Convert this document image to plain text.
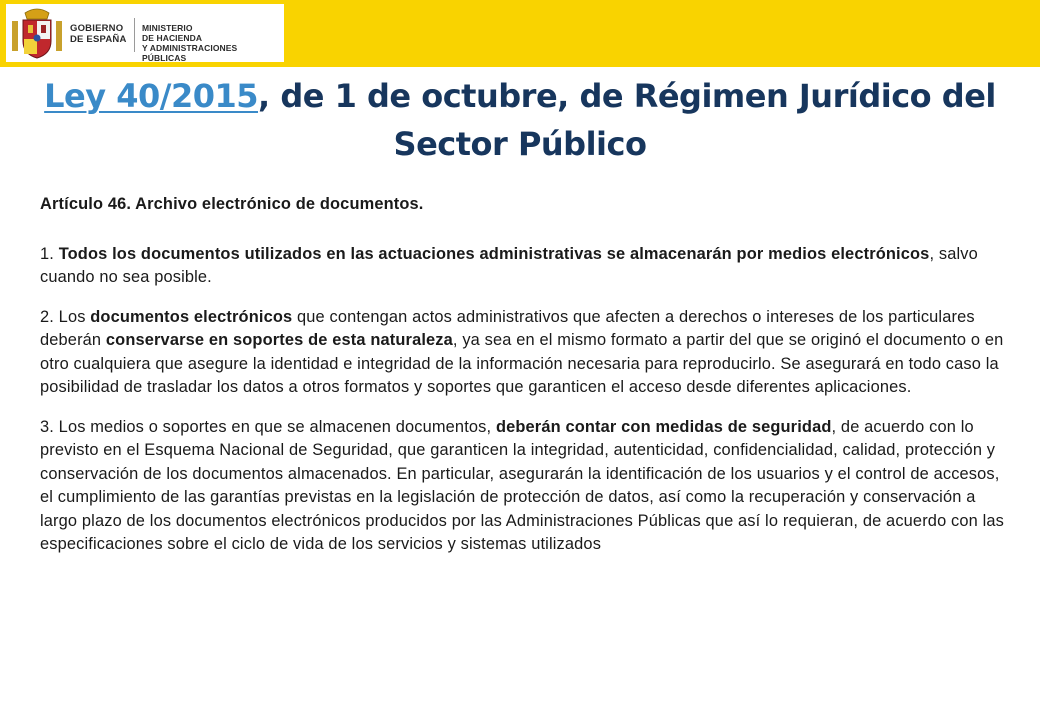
GOBIERNO
DE ESPAÑA
MINISTERIO
DE HACIENDA
Y ADMINISTRACIONES PÚBLICAS
Ley 40/2015, de 1 de octubre, de Régimen Jurídico del Sector Público

Artículo 46. Archivo electrónico de documentos.

1. Todos los documentos utilizados en las actuaciones administrativas se almacenarán por medios electrónicos, salvo cuando no sea posible.

2. Los documentos electrónicos que contengan actos administrativos que afecten a derechos o intereses de los particulares deberán conservarse en soportes de esta naturaleza, ya sea en el mismo formato a partir del que se originó el documento o en otro cualquiera que asegure la identidad e integridad de la información necesaria para reproducirlo. Se asegurará en todo caso la posibilidad de trasladar los datos a otros formatos y soportes que garanticen el acceso desde diferentes aplicaciones.

3. Los medios o soportes en que se almacenen documentos, deberán contar con medidas de seguridad, de acuerdo con lo previsto en el Esquema Nacional de Seguridad, que garanticen la integridad, autenticidad, confidencialidad, calidad, protección y conservación de los documentos almacenados. En particular, asegurarán la identificación de los usuarios y el control de accesos, el cumplimiento de las garantías previstas en la legislación de protección de datos, así como la recuperación y conservación a largo plazo de los documentos electrónicos producidos por las Administraciones Públicas que así lo requieran, de acuerdo con las especificaciones sobre el ciclo de vida de los servicios y sistemas utilizados
